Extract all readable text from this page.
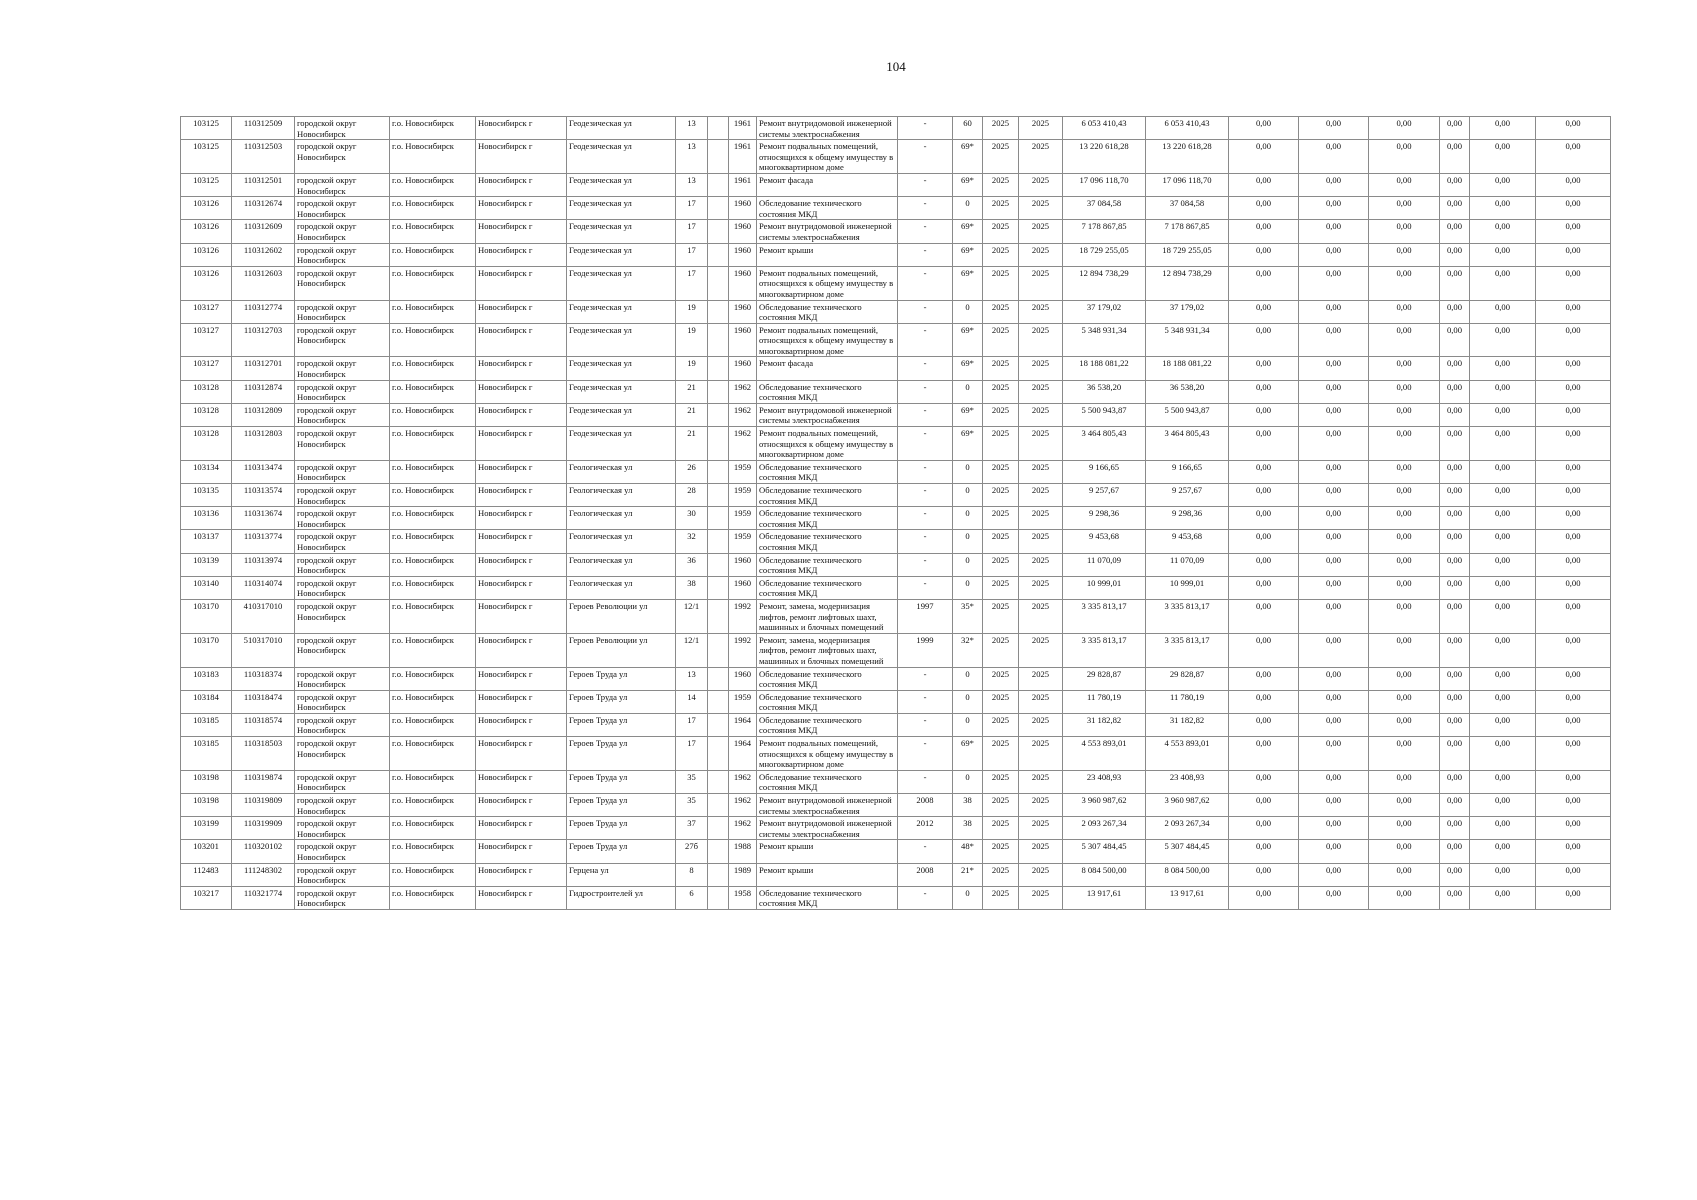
104
103125	110312509	городской округ Новосибирск	г.о. Новосибирск	Новосибирск г	Геодезическая ул	13		1961	Ремонт внутридомовой инженерной системы электроснабжения	-	60	2025	2025	6 053 410,43	6 053 410,43	0,00	0,00	0,00	0,00	0,00	0,00
103125	110312503	городской округ Новосибирск	г.о. Новосибирск	Новосибирск г	Геодезическая ул	13		1961	Ремонт подвальных помещений, относящихся к общему имуществу в многоквартирном доме	-	69*	2025	2025	13 220 618,28	13 220 618,28	0,00	0,00	0,00	0,00	0,00	0,00
103125	110312501	городской округ Новосибирск	г.о. Новосибирск	Новосибирск г	Геодезическая ул	13		1961	Ремонт фасада	-	69*	2025	2025	17 096 118,70	17 096 118,70	0,00	0,00	0,00	0,00	0,00	0,00
103126	110312674	городской округ Новосибирск	г.о. Новосибирск	Новосибирск г	Геодезическая ул	17		1960	Обследование технического состояния МКД	-	0	2025	2025	37 084,58	37 084,58	0,00	0,00	0,00	0,00	0,00	0,00
103126	110312609	городской округ Новосибирск	г.о. Новосибирск	Новосибирск г	Геодезическая ул	17		1960	Ремонт внутридомовой инженерной системы электроснабжения	-	69*	2025	2025	7 178 867,85	7 178 867,85	0,00	0,00	0,00	0,00	0,00	0,00
103126	110312602	городской округ Новосибирск	г.о. Новосибирск	Новосибирск г	Геодезическая ул	17		1960	Ремонт крыши	-	69*	2025	2025	18 729 255,05	18 729 255,05	0,00	0,00	0,00	0,00	0,00	0,00
103126	110312603	городской округ Новосибирск	г.о. Новосибирск	Новосибирск г	Геодезическая ул	17		1960	Ремонт подвальных помещений, относящихся к общему имуществу в многоквартирном доме	-	69*	2025	2025	12 894 738,29	12 894 738,29	0,00	0,00	0,00	0,00	0,00	0,00
103127	110312774	городской округ Новосибирск	г.о. Новосибирск	Новосибирск г	Геодезическая ул	19		1960	Обследование технического состояния МКД	-	0	2025	2025	37 179,02	37 179,02	0,00	0,00	0,00	0,00	0,00	0,00
103127	110312703	городской округ Новосибирск	г.о. Новосибирск	Новосибирск г	Геодезическая ул	19		1960	Ремонт подвальных помещений, относящихся к общему имуществу в многоквартирном доме	-	69*	2025	2025	5 348 931,34	5 348 931,34	0,00	0,00	0,00	0,00	0,00	0,00
103127	110312701	городской округ Новосибирск	г.о. Новосибирск	Новосибирск г	Геодезическая ул	19		1960	Ремонт фасада	-	69*	2025	2025	18 188 081,22	18 188 081,22	0,00	0,00	0,00	0,00	0,00	0,00
103128	110312874	городской округ Новосибирск	г.о. Новосибирск	Новосибирск г	Геодезическая ул	21		1962	Обследование технического состояния МКД	-	0	2025	2025	36 538,20	36 538,20	0,00	0,00	0,00	0,00	0,00	0,00
103128	110312809	городской округ Новосибирск	г.о. Новосибирск	Новосибирск г	Геодезическая ул	21		1962	Ремонт внутридомовой инженерной системы электроснабжения	-	69*	2025	2025	5 500 943,87	5 500 943,87	0,00	0,00	0,00	0,00	0,00	0,00
103128	110312803	городской округ Новосибирск	г.о. Новосибирск	Новосибирск г	Геодезическая ул	21		1962	Ремонт подвальных помещений, относящихся к общему имуществу в многоквартирном доме	-	69*	2025	2025	3 464 805,43	3 464 805,43	0,00	0,00	0,00	0,00	0,00	0,00
103134	110313474	городской округ Новосибирск	г.о. Новосибирск	Новосибирск г	Геологическая ул	26		1959	Обследование технического состояния МКД	-	0	2025	2025	9 166,65	9 166,65	0,00	0,00	0,00	0,00	0,00	0,00
103135	110313574	городской округ Новосибирск	г.о. Новосибирск	Новосибирск г	Геологическая ул	28		1959	Обследование технического состояния МКД	-	0	2025	2025	9 257,67	9 257,67	0,00	0,00	0,00	0,00	0,00	0,00
103136	110313674	городской округ Новосибирск	г.о. Новосибирск	Новосибирск г	Геологическая ул	30		1959	Обследование технического состояния МКД	-	0	2025	2025	9 298,36	9 298,36	0,00	0,00	0,00	0,00	0,00	0,00
103137	110313774	городской округ Новосибирск	г.о. Новосибирск	Новосибирск г	Геологическая ул	32		1959	Обследование технического состояния МКД	-	0	2025	2025	9 453,68	9 453,68	0,00	0,00	0,00	0,00	0,00	0,00
103139	110313974	городской округ Новосибирск	г.о. Новосибирск	Новосибирск г	Геологическая ул	36		1960	Обследование технического состояния МКД	-	0	2025	2025	11 070,09	11 070,09	0,00	0,00	0,00	0,00	0,00	0,00
103140	110314074	городской округ Новосибирск	г.о. Новосибирск	Новосибирск г	Геологическая ул	38		1960	Обследование технического состояния МКД	-	0	2025	2025	10 999,01	10 999,01	0,00	0,00	0,00	0,00	0,00	0,00
103170	410317010	городской округ Новосибирск	г.о. Новосибирск	Новосибирск г	Героев Революции ул	12/1		1992	Ремонт, замена, модернизация лифтов, ремонт лифтовых шахт, машинных и блочных помещений	1997	35*	2025	2025	3 335 813,17	3 335 813,17	0,00	0,00	0,00	0,00	0,00	0,00
103170	510317010	городской округ Новосибирск	г.о. Новосибирск	Новосибирск г	Героев Революции ул	12/1		1992	Ремонт, замена, модернизация лифтов, ремонт лифтовых шахт, машинных и блочных помещений	1999	32*	2025	2025	3 335 813,17	3 335 813,17	0,00	0,00	0,00	0,00	0,00	0,00
103183	110318374	городской округ Новосибирск	г.о. Новосибирск	Новосибирск г	Героев Труда ул	13		1960	Обследование технического состояния МКД	-	0	2025	2025	29 828,87	29 828,87	0,00	0,00	0,00	0,00	0,00	0,00
103184	110318474	городской округ Новосибирск	г.о. Новосибирск	Новосибирск г	Героев Труда ул	14		1959	Обследование технического состояния МКД	-	0	2025	2025	11 780,19	11 780,19	0,00	0,00	0,00	0,00	0,00	0,00
103185	110318574	городской округ Новосибирск	г.о. Новосибирск	Новосибирск г	Героев Труда ул	17		1964	Обследование технического состояния МКД	-	0	2025	2025	31 182,82	31 182,82	0,00	0,00	0,00	0,00	0,00	0,00
103185	110318503	городской округ Новосибирск	г.о. Новосибирск	Новосибирск г	Героев Труда ул	17		1964	Ремонт подвальных помещений, относящихся к общему имуществу в многоквартирном доме	-	69*	2025	2025	4 553 893,01	4 553 893,01	0,00	0,00	0,00	0,00	0,00	0,00
103198	110319874	городской округ Новосибирск	г.о. Новосибирск	Новосибирск г	Героев Труда ул	35		1962	Обследование технического состояния МКД	-	0	2025	2025	23 408,93	23 408,93	0,00	0,00	0,00	0,00	0,00	0,00
103198	110319809	городской округ Новосибирск	г.о. Новосибирск	Новосибирск г	Героев Труда ул	35		1962	Ремонт внутридомовой инженерной системы электроснабжения	2008	38	2025	2025	3 960 987,62	3 960 987,62	0,00	0,00	0,00	0,00	0,00	0,00
103199	110319909	городской округ Новосибирск	г.о. Новосибирск	Новосибирск г	Героев Труда ул	37		1962	Ремонт внутридомовой инженерной системы электроснабжения	2012	38	2025	2025	2 093 267,34	2 093 267,34	0,00	0,00	0,00	0,00	0,00	0,00
103201	110320102	городской округ Новосибирск	г.о. Новосибирск	Новосибирск г	Героев Труда ул	27б		1988	Ремонт крыши	-	48*	2025	2025	5 307 484,45	5 307 484,45	0,00	0,00	0,00	0,00	0,00	0,00
112483	111248302	городской округ Новосибирск	г.о. Новосибирск	Новосибирск г	Герцена ул	8		1989	Ремонт крыши	2008	21*	2025	2025	8 084 500,00	8 084 500,00	0,00	0,00	0,00	0,00	0,00	0,00
103217	110321774	городской округ Новосибирск	г.о. Новосибирск	Новосибирск г	Гидростроителей ул	6		1958	Обследование технического состояния МКД	-	0	2025	2025	13 917,61	13 917,61	0,00	0,00	0,00	0,00	0,00	0,00
